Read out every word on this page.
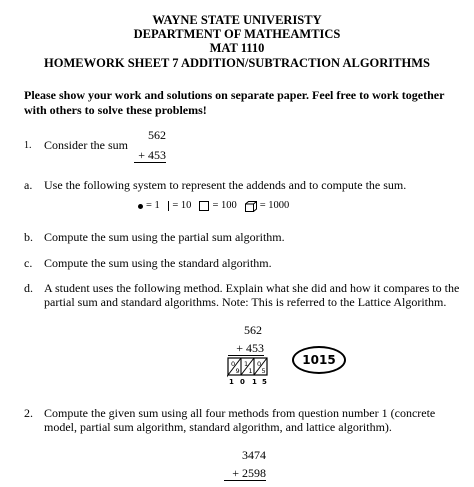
WAYNE STATE UNIVERISTY
DEPARTMENT OF MATHEAMTICS
MAT 1110
HOMEWORK SHEET 7 ADDITION/SUBTRACTION ALGORITHMS
Please show your work and solutions on separate paper. Feel free to work together with others to solve these problems!
1. Consider the sum
562
+ 453
a. Use the following system to represent the addends and to compute the sum.
= 1 = 10 = 100 = 1000
b. Compute the sum using the partial sum algorithm.
c. Compute the sum using the standard algorithm.
d. A student uses the following method. Explain what she did and how it compares to the partial sum and standard algorithms. Note: This is referred to the Lattice Algorithm.
562
+ 453
0
9
1
1
0
5
1 0 1 5
1015
2. Compute the given sum using all four methods from question number 1 (concrete model, partial sum algorithm, standard algorithm, and lattice algorithm).
3474
+ 2598
